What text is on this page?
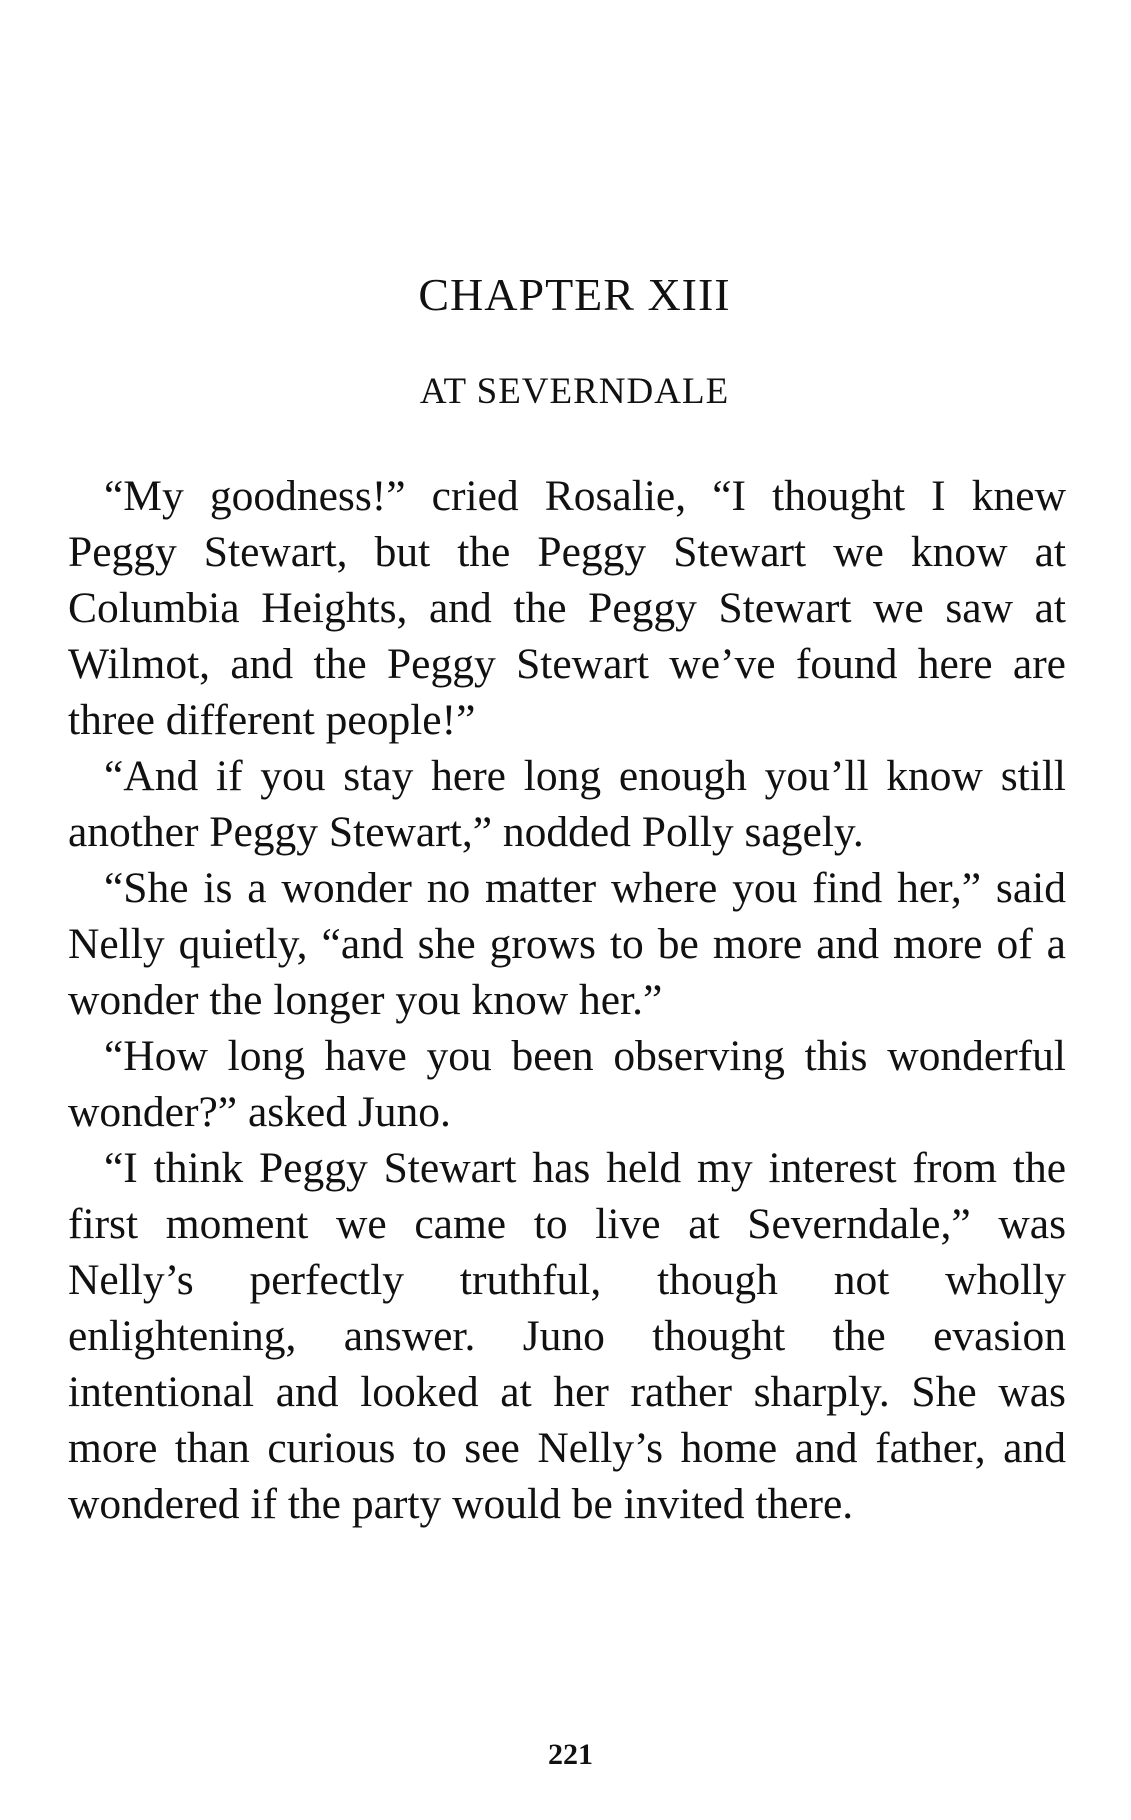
CHAPTER XIII
AT SEVERNDALE

“My goodness!” cried Rosalie, “I thought I knew Peggy Stewart, but the Peggy Stewart we know at Columbia Heights, and the Peggy Stewart we saw at Wilmot, and the Peggy Stewart we’ve found here are three different people!”

“And if you stay here long enough you’ll know still another Peggy Stewart,” nodded Polly sagely.

“She is a wonder no matter where you find her,” said Nelly quietly, “and she grows to be more and more of a wonder the longer you know her.”

“How long have you been observing this wonderful wonder?” asked Juno.

“I think Peggy Stewart has held my interest from the first moment we came to live at Severndale,” was Nelly’s perfectly truthful, though not wholly enlightening, answer. Juno thought the evasion intentional and looked at her rather sharply. She was more than curious to see Nelly’s home and father, and wondered if the party would be invited there.

221
